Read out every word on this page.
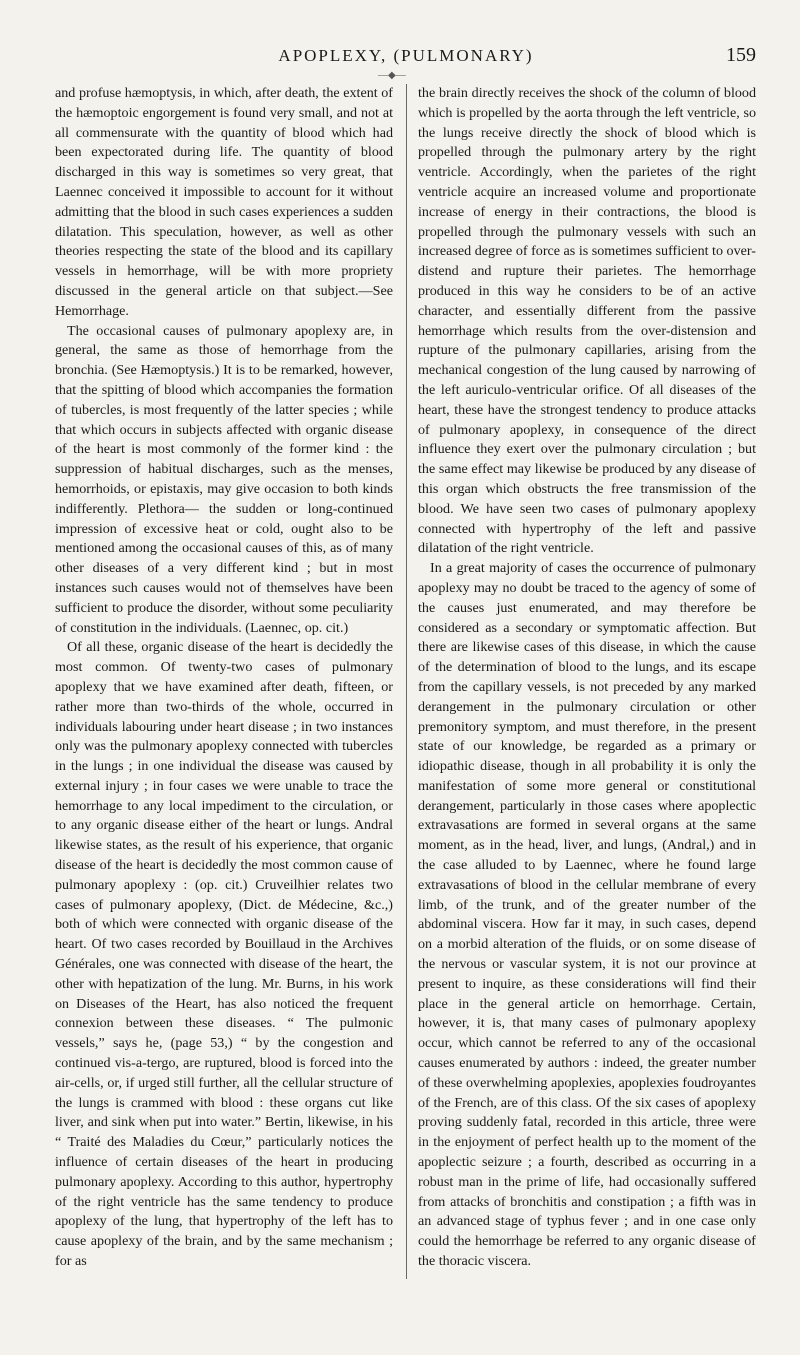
APOPLEXY, (PULMONARY)	159
—◆—

and profuse hæmoptysis, in which, after death, the extent of the hæmoptoic engorgement is found very small, and not at all commensurate with the quantity of blood which had been expectorated during life. The quantity of blood discharged in this way is sometimes so very great, that Laennec conceived it impossible to account for it without admitting that the blood in such cases experiences a sudden dilatation. This speculation, however, as well as other theories respecting the state of the blood and its capillary vessels in hemorrhage, will be with more propriety discussed in the general article on that subject.—See Hemorrhage.

The occasional causes of pulmonary apoplexy are, in general, the same as those of hemorrhage from the bronchia. (See Hæmoptysis.) It is to be remarked, however, that the spitting of blood which accompanies the formation of tubercles, is most frequently of the latter species ; while that which occurs in subjects affected with organic disease of the heart is most commonly of the former kind : the suppression of habitual discharges, such as the menses, hemorrhoids, or epistaxis, may give occasion to both kinds indifferently. Plethora— the sudden or long-continued impression of excessive heat or cold, ought also to be mentioned among the occasional causes of this, as of many other diseases of a very different kind ; but in most instances such causes would not of themselves have been sufficient to produce the disorder, without some peculiarity of constitution in the individuals. (Laennec, op. cit.)

Of all these, organic disease of the heart is decidedly the most common. Of twenty-two cases of pulmonary apoplexy that we have examined after death, fifteen, or rather more than two-thirds of the whole, occurred in individuals labouring under heart disease ; in two instances only was the pulmonary apoplexy connected with tubercles in the lungs ; in one individual the disease was caused by external injury ; in four cases we were unable to trace the hemorrhage to any local impediment to the circulation, or to any organic disease either of the heart or lungs. Andral likewise states, as the result of his experience, that organic disease of the heart is decidedly the most common cause of pulmonary apoplexy : (op. cit.) Cruveilhier relates two cases of pulmonary apoplexy, (Dict. de Médecine, &c.,) both of which were connected with organic disease of the heart. Of two cases recorded by Bouillaud in the Archives Générales, one was connected with disease of the heart, the other with hepatization of the lung. Mr. Burns, in his work on Diseases of the Heart, has also noticed the frequent connexion between these diseases. “ The pulmonic vessels,” says he, (page 53,) “ by the congestion and continued vis-a-tergo, are ruptured, blood is forced into the air-cells, or, if urged still further, all the cellular structure of the lungs is crammed with blood : these organs cut like liver, and sink when put into water.” Bertin, likewise, in his “ Traité des Maladies du Cœur,” particularly notices the influence of certain diseases of the heart in producing pulmonary apoplexy. According to this author, hypertrophy of the right ventricle has the same tendency to produce apoplexy of the lung, that hypertrophy of the left has to cause apoplexy of the brain, and by the same mechanism ; for as

the brain directly receives the shock of the column of blood which is propelled by the aorta through the left ventricle, so the lungs receive directly the shock of blood which is propelled through the pulmonary artery by the right ventricle. Accordingly, when the parietes of the right ventricle acquire an increased volume and proportionate increase of energy in their contractions, the blood is propelled through the pulmonary vessels with such an increased degree of force as is sometimes sufficient to over-distend and rupture their parietes. The hemorrhage produced in this way he considers to be of an active character, and essentially different from the passive hemorrhage which results from the over-distension and rupture of the pulmonary capillaries, arising from the mechanical congestion of the lung caused by narrowing of the left auriculo-ventricular orifice. Of all diseases of the heart, these have the strongest tendency to produce attacks of pulmonary apoplexy, in consequence of the direct influence they exert over the pulmonary circulation ; but the same effect may likewise be produced by any disease of this organ which obstructs the free transmission of the blood. We have seen two cases of pulmonary apoplexy connected with hypertrophy of the left and passive dilatation of the right ventricle.

In a great majority of cases the occurrence of pulmonary apoplexy may no doubt be traced to the agency of some of the causes just enumerated, and may therefore be considered as a secondary or symptomatic affection. But there are likewise cases of this disease, in which the cause of the determination of blood to the lungs, and its escape from the capillary vessels, is not preceded by any marked derangement in the pulmonary circulation or other premonitory symptom, and must therefore, in the present state of our knowledge, be regarded as a primary or idiopathic disease, though in all probability it is only the manifestation of some more general or constitutional derangement, particularly in those cases where apoplectic extravasations are formed in several organs at the same moment, as in the head, liver, and lungs, (Andral,) and in the case alluded to by Laennec, where he found large extravasations of blood in the cellular membrane of every limb, of the trunk, and of the greater number of the abdominal viscera. How far it may, in such cases, depend on a morbid alteration of the fluids, or on some disease of the nervous or vascular system, it is not our province at present to inquire, as these considerations will find their place in the general article on hemorrhage. Certain, however, it is, that many cases of pulmonary apoplexy occur, which cannot be referred to any of the occasional causes enumerated by authors : indeed, the greater number of these overwhelming apoplexies, apoplexies foudroyantes of the French, are of this class. Of the six cases of apoplexy proving suddenly fatal, recorded in this article, three were in the enjoyment of perfect health up to the moment of the apoplectic seizure ; a fourth, described as occurring in a robust man in the prime of life, had occasionally suffered from attacks of bronchitis and constipation ; a fifth was in an advanced stage of typhus fever ; and in one case only could the hemorrhage be referred to any organic disease of the thoracic viscera.
